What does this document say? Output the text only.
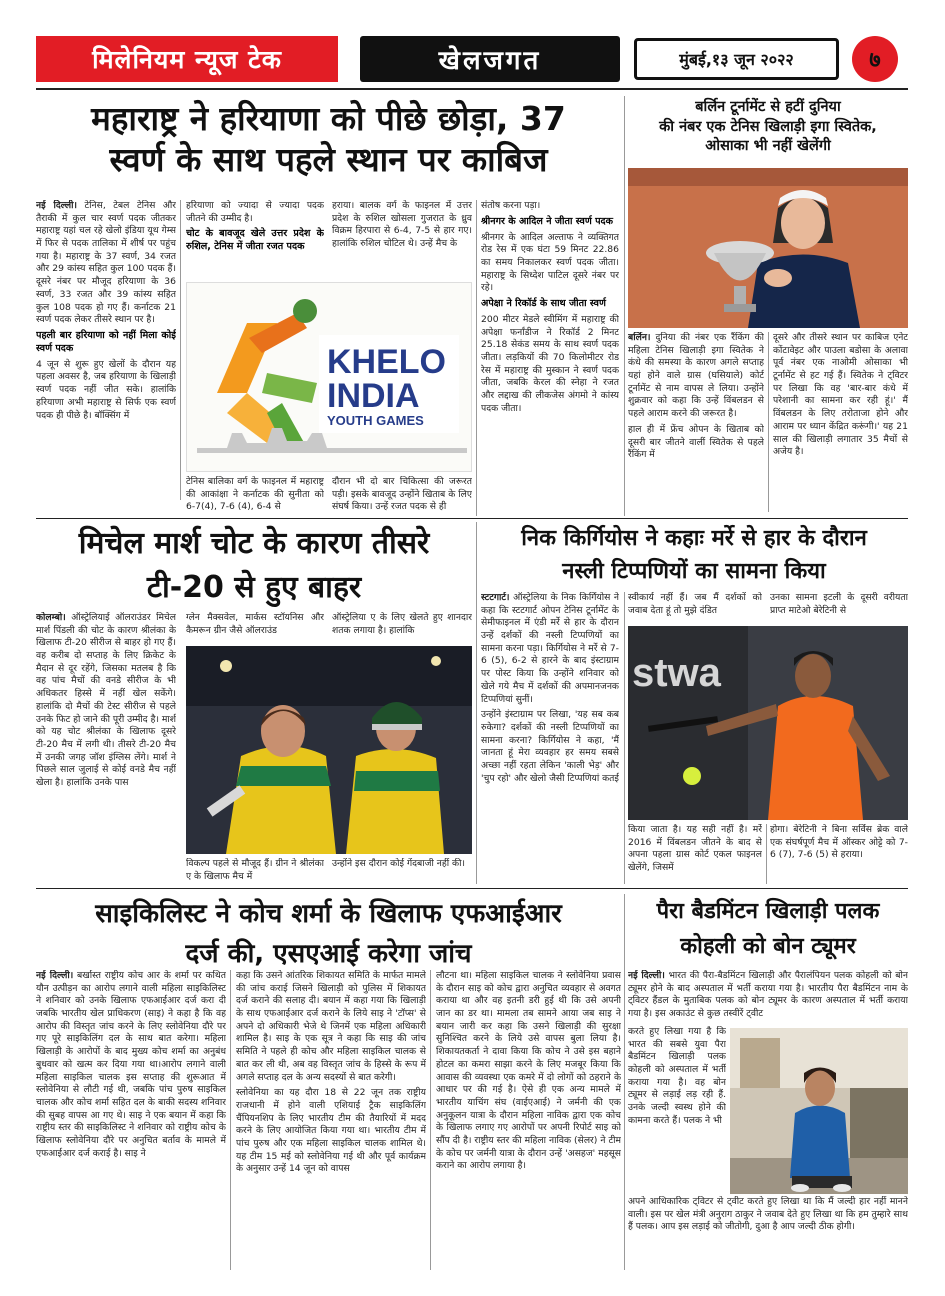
मिलेनियम न्यूज टेक	खेलजगत	मुंबई,१३ जून २०२२	७
महाराष्ट्र ने हरियाणा को पीछे छोड़ा, 37
स्वर्ण के साथ पहले स्थान पर काबिज
नई दिल्ली। टेनिस, टेबल टेनिस और तैराकी में कुल चार स्वर्ण पदक जीतकर महाराष्ट्र यहां चल रहे खेलो इंडिया यूथ गेम्स में फिर से पदक तालिका में शीर्ष पर पहुंच गया है। महाराष्ट्र के 37 स्वर्ण, 34 रजत और 29 कांस्य सहित कुल 100 पदक हैं। दूसरे नंबर पर मौजूद हरियाणा के 36 स्वर्ण, 33 रजत और 39 कांस्य सहित कुल 108 पदक हो गए हैं। कर्नाटक 21 स्वर्ण पदक लेकर तीसरे स्थान पर है।
पहली बार हरियाणा को नहीं मिला कोई स्वर्ण पदक
4 जून से शुरू हुए खेलों के दौरान यह पहला अवसर है, जब हरियाणा के खिलाड़ी स्वर्ण पदक नहीं जीत सके। हालांकि हरियाणा अभी महाराष्ट्र से सिर्फ एक स्वर्ण पदक ही पीछे है। बॉक्सिंग में
हरियाणा को ज्यादा से ज्यादा पदक जीतने की उम्मीद है।
चोट के बावजूद खेले उत्तर प्रदेश के रुशिल, टेनिस में जीता रजत पदक
हराया। बालक वर्ग के फाइनल में उत्तर प्रदेश के रुशिल खोसला गुजरात के ध्रुव विक्रम हिरपारा से 6-4, 7-5 से हार गए। हालांकि रुशिल चोटिल थे। उन्हें मैच के
KHELO
INDIA
YOUTH GAMES
टेनिस बालिका वर्ग के फाइनल में महाराष्ट्र की आकांक्षा ने कर्नाटक की सुनीता को 6-7(4), 7-6 (4), 6-4 से
दौरान भी दो बार चिकित्सा की जरूरत पड़ी। इसके बावजूद उन्होंने खिताब के लिए संघर्ष किया। उन्हें रजत पदक से ही
संतोष करना पड़ा।
श्रीनगर के आदिल ने जीता स्वर्ण पदक
श्रीनगर के आदिल अल्ताफ ने व्यक्तिगत रोड रेस में एक घंटा 59 मिनट 22.86 का समय निकालकर स्वर्ण पदक जीता। महाराष्ट्र के सिध्देश पाटिल दूसरे नंबर पर रहे।
अपेक्षा ने रिकॉर्ड के साथ जीता स्वर्ण
200 मीटर मेडले स्वीमिंग में महाराष्ट्र की अपेक्षा फर्नांडीज ने रिकॉर्ड 2 मिनट 25.18 सेकंड समय के साथ स्वर्ण पदक जीता। लड़कियों की 70 किलोमीटर रोड रेस में महाराष्ट्र की मुस्कान ने स्वर्ण पदक जीता, जबकि केरल की स्नेहा ने रजत और लद्दाख की लीकजेस अंगमो ने कांस्य पदक जीता।
बर्लिन टूर्नामेंट से हटीं दुनिया
की नंबर एक टेनिस खिलाड़ी इगा स्वितेक,
ओसाका भी नहीं खेलेंगी
बर्लिन। दुनिया की नंबर एक रैंकिंग की महिला टेनिस खिलाड़ी इगा स्वितेक ने कंधे की समस्या के कारण अगले सप्ताह यहां होने वाले ग्रास (घसियाले) कोर्ट टूर्नामेंट से नाम वापस ले लिया। उन्होंने शुक्रवार को कहा कि उन्हें विंबलडन से पहले आराम करने की जरूरत है।
हाल ही में फ्रेंच ओपन के खिताब को दूसरी बार जीतने वालीं स्वितेक से पहले रैंकिंग में
दूसरे और तीसरे स्थान पर काबिज एनेट कोंटावेइट और पाउला बडोसा के अलावा पूर्व नंबर एक नाओमी ओसाका भी टूर्नामेंट से हट गई हैं। स्वितेक ने ट्विटर पर लिखा कि वह 'बार-बार कंधे में परेशानी का सामना कर रही हूं।' मैं विंबलडन के लिए तरोताजा होने और आराम पर ध्यान केंद्रित करूंगी।' यह 21 साल की खिलाड़ी लगातार 35 मैचों से अजेय है।
मिचेल मार्श चोट के कारण तीसरे
टी-20 से हुए बाहर
कोलम्बो। ऑस्ट्रेलियाई ऑलराउंडर मिचेल मार्श पिंडली की चोट के कारण श्रीलंका के खिलाफ टी-20 सीरीज से बाहर हो गए हैं। वह करीब दो सप्ताह के लिए क्रिकेट के मैदान से दूर रहेंगे, जिसका मतलब है कि वह पांच मैचों की वनडे सीरीज के भी अधिकतर हिस्से में नहीं खेल सकेंगे। हालांकि दो मैचों की टेस्ट सीरीज से पहले उनके फिट हो जाने की पूरी उम्मीद है। मार्श को यह चोट श्रीलंका के खिलाफ दूसरे टी-20 मैच में लगी थी। तीसरे टी-20 मैच में उनकी जगह जॉश इंग्लिस लेंगे। मार्श ने पिछले साल जुलाई से कोई वनडे मैच नहीं खेला है। हालांकि उनके पास
ग्लेन मैक्सवेल, मार्कस स्टॉयनिस और कैमरून ग्रीन जैसे ऑलराउंड
ऑस्ट्रेलिया ए के लिए खेलते हुए शानदार शतक लगाया है। हालांकि
विकल्प पहले से मौजूद हैं। ग्रीन ने श्रीलंका ए के खिलाफ मैच में
उन्होंने इस दौरान कोई गेंदबाजी नहीं की।
निक किर्गियोस ने कहाः मर्रे से हार के दौरान
नस्ली टिप्पणियों का सामना किया
स्टटगार्ट। ऑस्ट्रेलिया के निक किर्गियोस ने कहा कि स्टटगार्ट ओपन टेनिस टूर्नामेंट के सेमीफाइनल में एंडी मर्रे से हार के दौरान उन्हें दर्शकों की नस्ली टिप्पणियों का सामना करना पड़ा। किर्गियोस ने मर्रे से 7-6 (5), 6-2 से हारने के बाद इंस्टाग्राम पर पोस्ट किया कि उन्होंने शनिवार को खेले गये मैच में दर्शकों की अपमानजनक टिप्पणियां सुनीं।
उन्होंने इंस्टाग्राम पर लिखा, 'यह सब कब रुकेगा? दर्शकों की नस्ली टिप्पणियों का सामना करना? किर्गियोस ने कहा, 'मैं जानता हूं मेरा व्यवहार हर समय सबसे अच्छा नहीं रहता लेकिन 'काली भेड़' और 'चुप रहो' और खेलो जैसी टिप्पणियां कतई
स्वीकार्य नहीं हैं। जब मैं दर्शकों को जवाब देता हूं तो मुझे दंडित
उनका सामना इटली के दूसरी वरीयता प्राप्त माटेओ बेरेटिनी से
stwa
किया जाता है। यह सही नहीं है। मर्रे 2016 में विंबलडन जीतने के बाद से अपना पहला ग्रास कोर्ट एकल फाइनल खेलेंगे, जिसमें
होगा। बेरेटिनी ने बिना सर्विस ब्रेक वाले एक संघर्षपूर्ण मैच में ऑस्कर ओट्टे को 7-6 (7), 7-6 (5) से हराया।
साइकिलिस्ट ने कोच शर्मा के खिलाफ एफआईआर
दर्ज की, एसएआई करेगा जांच
नई दिल्ली। बर्खास्त राष्ट्रीय कोच आर के शर्मा पर कथित यौन उत्पीड़न का आरोप लगाने वाली महिला साइकिलिस्ट ने शनिवार को उनके खिलाफ एफआईआर दर्ज करा दी जबकि भारतीय खेल प्राधिकरण (साइ) ने कहा है कि वह आरोप की विस्तृत जांच करने के लिए स्लोवेनिया दौरे पर गए पूरे साइकिलिंग दल के साथ बात करेगा। महिला खिलाड़ी के आरोपों के बाद मुख्य कोच शर्मा का अनुबंध बुधवार को खत्म कर दिया गया था।आरोप लगाने वाली महिला साइकिल चालक इस सप्ताह की शुरूआत में स्लोवेनिया से लौटी गई थी, जबकि पांच पुरुष साइकिल चालक और कोच शर्मा सहित दल के बाकी सदस्य शनिवार की सुबह वापस आ गए थे। साइ ने एक बयान में कहा कि राष्ट्रीय स्तर की साइकिलिस्ट ने शनिवार को राष्ट्रीय कोच के खिलाफ स्लोवेनिया दौरे पर अनुचित बर्ताव के मामले में एफआईआर दर्ज कराई है। साइ ने
कहा कि उसने आंतरिक शिकायत समिति के मार्फत मामले की जांच कराई जिसने खिलाड़ी को पुलिस में शिकायत दर्ज कराने की सलाह दी। बयान में कहा गया कि खिलाड़ी के साथ एफआईआर दर्ज कराने के लिये साइ ने 'टॉप्स' से अपने दो अधिकारी भेजे थे जिनमें एक महिला अधिकारी शामिल है। साइ के एक सूत्र ने कहा कि साइ की जांच समिति ने पहले ही कोच और महिला साइकिल चालक से बात कर ली थी, अब वह विस्तृत जांच के हिस्से के रूप में अगले सप्ताह दल के अन्य सदस्यों से बात करेगी।
स्लोवेनिया का यह दौरा 18 से 22 जून तक राष्ट्रीय राजधानी में होने वाली एशियाई ट्रैक साइकिलिंग चैंपियनशिप के लिए भारतीय टीम की तैयारियों में मदद करने के लिए आयोजित किया गया था। भारतीय टीम में पांच पुरुष और एक महिला साइकिल चालक शामिल थे। यह टीम 15 मई को स्लोवेनिया गई थी और पूर्व कार्यक्रम के अनुसार उन्हें 14 जून को वापस
लौटना था। महिला साइकिल चालक ने स्लोवेनिया प्रवास के दौरान साइ को कोच द्वारा अनुचित व्यवहार से अवगत कराया था और वह इतनी डरी हुई थी कि उसे अपनी जान का डर था। मामला तब सामने आया जब साइ ने बयान जारी कर कहा कि उसने खिलाड़ी की सुरक्षा सुनिश्चित करने के लिये उसे वापस बुला लिया है। शिकायतकर्ता ने दावा किया कि कोच ने उसे इस बहाने होटल का कमरा साझा करने के लिए मजबूर किया कि आवास की व्यवस्था एक कमरे में दो लोगों को ठहराने के आधार पर की गई है। ऐसे ही एक अन्य मामले में भारतीय याचिंग संघ (वाईएआई) ने जर्मनी की एक अनुकूलन यात्रा के दौरान महिला नाविक द्वारा एक कोच के खिलाफ लगाए गए आरोपों पर अपनी रिपोर्ट साइ को सौंप दी है। राष्ट्रीय स्तर की महिला नाविक (सेलर) ने टीम के कोच पर जर्मनी यात्रा के दौरान उन्हें 'असहज' महसूस कराने का आरोप लगाया है।
पैरा बैडमिंटन खिलाड़ी पलक
कोहली को बोन ट्यूमर
नई दिल्ली। भारत की पैरा-बैडमिंटन खिलाड़ी और पैरालंपियन पलक कोहली को बोन ट्यूमर होने के बाद अस्पताल में भर्ती कराया गया है। भारतीय पैरा बैडमिंटन नाम के ट्विटर हैंडल के मुताबिक पलक को बोन ट्यूमर के कारण अस्पताल में भर्ती कराया गया है। इस अकाउंट से कुछ तस्वीरें ट्वीट
करते हुए लिखा गया है कि भारत की सबसे युवा पैरा बैडमिंटन खिलाड़ी पलक कोहली को अस्पताल में भर्ती कराया गया है। वह बोन ट्यूमर से लड़ाई लड़ रही हैं. उनके जल्दी स्वस्थ होने की कामना करते हैं। पलक ने भी
अपने आधिकारिक ट्विटर से ट्वीट करते हुए लिखा था कि मैं जल्दी हार नहीं मानने वाली। इस पर खेल मंत्री अनुराग ठाकुर ने जवाब देते हुए लिखा था कि हम तुम्हारे साथ हैं पलक। आप इस लड़ाई को जीतोगी, दुआ है आप जल्दी ठीक होगी।
